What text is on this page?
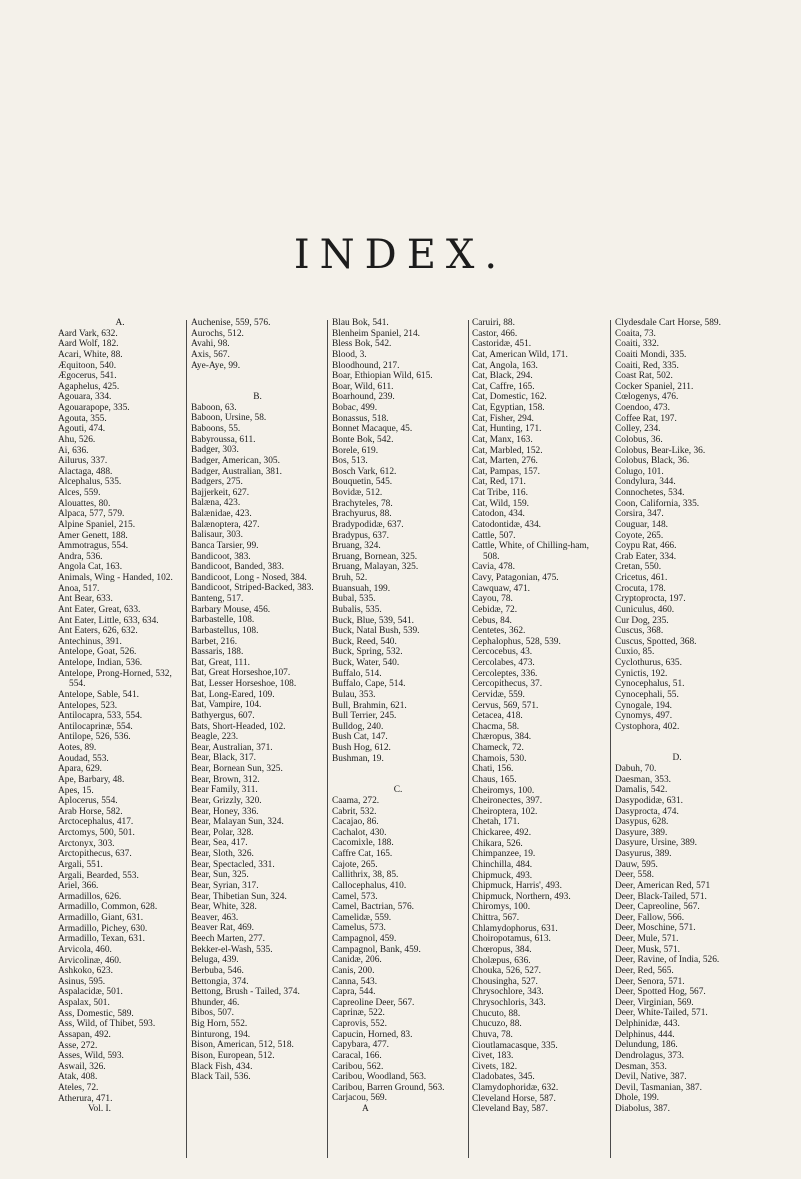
INDEX.
A.
Aard Vark, 632.
Aard Wolf, 182.
Acari, White, 88.
Æquitoon, 540.
Ægocerus, 541.
Agaphelus, 425.
Agouara, 334.
Agouarapope, 335.
Agouta, 355.
Agouti, 474.
Ahu, 526.
Ai, 636.
Ailurus, 337.
Alactaga, 488.
Alcephalus, 535.
Alces, 559.
Alouattes, 80.
Alpaca, 577, 579.
Alpine Spaniel, 215.
Amer Genett, 188.
Ammotragus, 554.
Andra, 536.
Angola Cat, 163.
Animals, Wing - Handed, 102.
Anoa, 517.
Ant Bear, 633.
Ant Eater, Great, 633.
Ant Eater, Little, 633, 634.
Ant Eaters, 626, 632.
Antechinus, 391.
Antelope, Goat, 526.
Antelope, Indian, 536.
Antelope, Prong-Horned, 532, 554.
Antelope, Sable, 541.
Antelopes, 523.
Antilocapra, 533, 554.
Antilocaprinæ, 554.
Antilope, 526, 536.
Aotes, 89.
Aoudad, 553.
Apara, 629.
Ape, Barbary, 48.
Apes, 15.
Aplocerus, 554.
Arab Horse, 582.
Arctocephalus, 417.
Arctomys, 500, 501.
Arctonyx, 303.
Arctopithecus, 637.
Argali, 551.
Argali, Bearded, 553.
Ariel, 366.
Armadillos, 626.
Armadillo, Common, 628.
Armadillo, Giant, 631.
Armadillo, Pichey, 630.
Armadillo, Texan, 631.
Arvicola, 460.
Arvicolinæ, 460.
Ashkoko, 623.
Asinus, 595.
Aspalacidæ, 501.
Aspalax, 501.
Ass, Domestic, 589.
Ass, Wild, of Thibet, 593.
Assapan, 492.
Asse, 272.
Asses, Wild, 593.
Aswail, 326.
Atak, 408.
Ateles, 72.
Atherura, 471.
Vol. I.
Auchenise, 559, 576.
Aurochs, 512.
Avahi, 98.
Axis, 567.
Aye-Aye, 99.
B.
Baboon, 63.
Baboon, Ursine, 58.
Baboons, 55.
Babyroussa, 611.
Badger, 303.
Badger, American, 305.
Badger, Australian, 381.
Badgers, 275.
Bajjerkeit, 627.
Balæna, 423.
Balænidae, 423.
Balænoptera, 427.
Balisaur, 303.
Banca Tarsier, 99.
Bandicoot, 383.
Bandicoot, Banded, 383.
Bandicoot, Long - Nosed, 384.
Bandicoot, Striped-Backed, 383.
Banteng, 517.
Barbary Mouse, 456.
Barbastelle, 108.
Barbastellus, 108.
Barbet, 216.
Bassaris, 188.
Bat, Great, 111.
Bat, Great Horseshoe,107.
Bat, Lesser Horseshoe, 108.
Bat, Long-Eared, 109.
Bat, Vampire, 104.
Bathyergus, 607.
Bats, Short-Headed, 102.
Beagle, 223.
Bear, Australian, 371.
Bear, Black, 317.
Bear, Bornean Sun, 325.
Bear, Brown, 312.
Bear Family, 311.
Bear, Grizzly, 320.
Bear, Honey, 336.
Bear, Malayan Sun, 324.
Bear, Polar, 328.
Bear, Sea, 417.
Bear, Sloth, 326.
Bear, Spectacled, 331.
Bear, Sun, 325.
Bear, Syrian, 317.
Bear, Thibetian Sun, 324.
Bear, White, 328.
Beaver, 463.
Beaver Rat, 469.
Beech Marten, 277.
Bekker-el-Wash, 535.
Beluga, 439.
Berbuba, 546.
Bettongia, 374.
Bettong, Brush - Tailed, 374.
Bhunder, 46.
Bibos, 507.
Big Horn, 552.
Binturong, 194.
Bison, American, 512, 518.
Bison, European, 512.
Black Fish, 434.
Black Tail, 536.
Blau Bok, 541.
Blenheim Spaniel, 214.
Bless Bok, 542.
Blood, 3.
Bloodhound, 217.
Boar, Ethiopian Wild, 615.
Boar, Wild, 611.
Boarhound, 239.
Bobac, 499.
Bonassus, 518.
Bonnet Macaque, 45.
Bonte Bok, 542.
Borele, 619.
Bos, 513.
Bosch Vark, 612.
Bouquetin, 545.
Bovidæ, 512.
Brachyteles, 78.
Brachyurus, 88.
Bradypodidæ, 637.
Bradypus, 637.
Bruang, 324.
Bruang, Bornean, 325.
Bruang, Malayan, 325.
Bruh, 52.
Buansuah, 199.
Bubal, 535.
Bubalis, 535.
Buck, Blue, 539, 541.
Buck, Natal Bush, 539.
Buck, Reed, 540.
Buck, Spring, 532.
Buck, Water, 540.
Buffalo, 514.
Buffalo, Cape, 514.
Bulau, 353.
Bull, Brahmin, 621.
Bull Terrier, 245.
Bulldog, 240.
Bush Cat, 147.
Bush Hog, 612.
Bushman, 19.
C.
Caama, 272.
Cabrit, 532.
Cacajao, 86.
Cachalot, 430.
Cacomixle, 188.
Caffre Cat, 165.
Cajote, 265.
Callithrix, 38, 85.
Callocephalus, 410.
Camel, 573.
Camel, Bactrian, 576.
Camelidæ, 559.
Camelus, 573.
Campagnol, 459.
Campagnol, Bank, 459.
Canidæ, 206.
Canis, 200.
Canna, 543.
Capra, 544.
Capreoline Deer, 567.
Caprinæ, 522.
Caprovis, 552.
Capucin, Horned, 83.
Capybara, 477.
Caracal, 166.
Caribou, 562.
Caribou, Woodland, 563.
Caribou, Barren Ground, 563.
Carjacou, 569.
A
Caruiri, 88.
Castor, 466.
Castoridæ, 451.
Cat, American Wild, 171.
Cat, Angola, 163.
Cat, Black, 294.
Cat, Caffre, 165.
Cat, Domestic, 162.
Cat, Egyptian, 158.
Cat, Fisher, 294.
Cat, Hunting, 171.
Cat, Manx, 163.
Cat, Marbled, 152.
Cat, Marten, 276.
Cat, Pampas, 157.
Cat, Red, 171.
Cat Tribe, 116.
Cat, Wild, 159.
Catodon, 434.
Catodontidæ, 434.
Cattle, 507.
Cattle, White, of Chilling-ham, 508.
Cavia, 478.
Cavy, Patagonian, 475.
Cawquaw, 471.
Cayou, 78.
Cebidæ, 72.
Cebus, 84.
Centetes, 362.
Cephalophus, 528, 539.
Cercocebus, 43.
Cercolabes, 473.
Cercoleptes, 336.
Cercopithecus, 37.
Cervidæ, 559.
Cervus, 569, 571.
Cetacea, 418.
Chacma, 58.
Chæropus, 384.
Chameck, 72.
Chamois, 530.
Chati, 156.
Chaus, 165.
Cheiromys, 100.
Cheironectes, 397.
Cheiroptera, 102.
Chetah, 171.
Chickaree, 492.
Chikara, 526.
Chimpanzee, 19.
Chinchilla, 484.
Chipmuck, 493.
Chipmuck, Harris', 493.
Chipmuck, Northern, 493.
Chiromys, 100.
Chittra, 567.
Chlamydophorus, 631.
Choiropotamus, 613.
Chœropus, 384.
Cholæpus, 636.
Chouka, 526, 527.
Chousingha, 527.
Chrysochlore, 343.
Chrysochloris, 343.
Chucuto, 88.
Chucuzo, 88.
Chuva, 78.
Cioutlamacasque, 335.
Civet, 183.
Civets, 182.
Cladobates, 345.
Clamydophoridæ, 632.
Cleveland Horse, 587.
Cleveland Bay, 587.
Clydesdale Cart Horse, 589.
Coaita, 73.
Coaiti, 332.
Coaiti Mondi, 335.
Coaiti, Red, 335.
Coast Rat, 502.
Cocker Spaniel, 211.
Cœlogenys, 476.
Coendoo, 473.
Coffee Rat, 197.
Colley, 234.
Colobus, 36.
Colobus, Bear-Like, 36.
Colobus, Black, 36.
Colugo, 101.
Condylura, 344.
Connochetes, 534.
Coon, California, 335.
Corsira, 347.
Couguar, 148.
Coyote, 265.
Coypu Rat, 466.
Crab Eater, 334.
Cretan, 550.
Cricetus, 461.
Crocuta, 178.
Cryptoprocta, 197.
Cuniculus, 460.
Cur Dog, 235.
Cuscus, 368.
Cuscus, Spotted, 368.
Cuxio, 85.
Cyclothurus, 635.
Cynictis, 192.
Cynocephalus, 51.
Cynocephali, 55.
Cynogale, 194.
Cynomys, 497.
Cystophora, 402.
D.
Dabuh, 70.
Daesman, 353.
Damalis, 542.
Dasypodidæ, 631.
Dasyprocta, 474.
Dasypus, 628.
Dasyure, 389.
Dasyure, Ursine, 389.
Dasyurus, 389.
Dauw, 595.
Deer, 558.
Deer, American Red, 571
Deer, Black-Tailed, 571.
Deer, Capreoline, 567.
Deer, Fallow, 566.
Deer, Moschine, 571.
Deer, Mule, 571.
Deer, Musk, 571.
Deer, Ravine, of India, 526.
Deer, Red, 565.
Deer, Senora, 571.
Deer, Spotted Hog, 567.
Deer, Virginian, 569.
Deer, White-Tailed, 571.
Delphinidæ, 443.
Delphinus, 444.
Delundung, 186.
Dendrolagus, 373.
Desman, 353.
Devil, Native, 387.
Devil, Tasmanian, 387.
Dhole, 199.
Diabolus, 387.
